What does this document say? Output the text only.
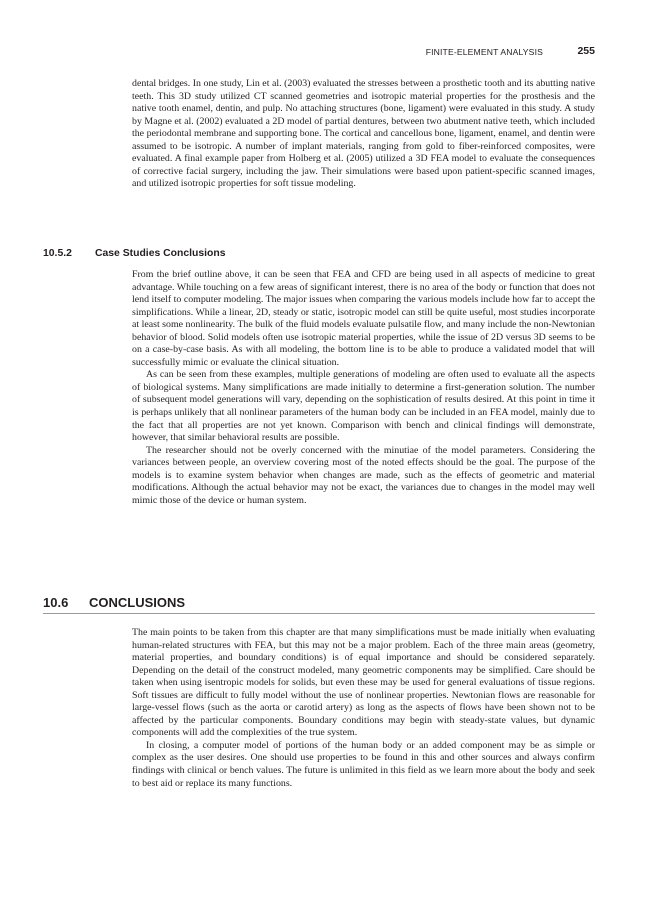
FINITE-ELEMENT ANALYSIS	255

dental bridges. In one study, Lin et al. (2003) evaluated the stresses between a prosthetic tooth and its abutting native teeth. This 3D study utilized CT scanned geometries and isotropic material properties for the prosthesis and the native tooth enamel, dentin, and pulp. No attaching structures (bone, ligament) were evaluated in this study. A study by Magne et al. (2002) evaluated a 2D model of partial dentures, between two abutment native teeth, which included the periodontal membrane and supporting bone. The cortical and cancellous bone, ligament, enamel, and dentin were assumed to be isotropic. A number of implant materials, ranging from gold to fiber-reinforced composites, were evaluated. A final example paper from Holberg et al. (2005) utilized a 3D FEA model to evaluate the consequences of corrective facial surgery, including the jaw. Their simulations were based upon patient-specific scanned images, and utilized isotropic properties for soft tissue modeling.

10.5.2 Case Studies Conclusions

From the brief outline above, it can be seen that FEA and CFD are being used in all aspects of medicine to great advantage. While touching on a few areas of significant interest, there is no area of the body or function that does not lend itself to computer modeling. The major issues when comparing the various models include how far to accept the simplifications. While a linear, 2D, steady or static, isotropic model can still be quite useful, most studies incorporate at least some nonlinearity. The bulk of the fluid models evaluate pulsatile flow, and many include the non-Newtonian behavior of blood. Solid models often use isotropic material properties, while the issue of 2D versus 3D seems to be on a case-by-case basis. As with all modeling, the bottom line is to be able to produce a validated model that will successfully mimic or evaluate the clinical situation.

As can be seen from these examples, multiple generations of modeling are often used to evaluate all the aspects of biological systems. Many simplifications are made initially to determine a first-generation solution. The number of subsequent model generations will vary, depending on the sophistication of results desired. At this point in time it is perhaps unlikely that all nonlinear parameters of the human body can be included in an FEA model, mainly due to the fact that all properties are not yet known. Comparison with bench and clinical findings will demonstrate, however, that similar behavioral results are possible.

The researcher should not be overly concerned with the minutiae of the model parameters. Considering the variances between people, an overview covering most of the noted effects should be the goal. The purpose of the models is to examine system behavior when changes are made, such as the effects of geometric and material modifications. Although the actual behavior may not be exact, the variances due to changes in the model may well mimic those of the device or human system.

10.6 CONCLUSIONS

The main points to be taken from this chapter are that many simplifications must be made initially when evaluating human-related structures with FEA, but this may not be a major problem. Each of the three main areas (geometry, material properties, and boundary conditions) is of equal importance and should be considered separately. Depending on the detail of the construct modeled, many geometric components may be simplified. Care should be taken when using isentropic models for solids, but even these may be used for general evaluations of tissue regions. Soft tissues are difficult to fully model without the use of nonlinear properties. Newtonian flows are reasonable for large-vessel flows (such as the aorta or carotid artery) as long as the aspects of flows have been shown not to be affected by the particular components. Boundary conditions may begin with steady-state values, but dynamic components will add the complexities of the true system.

In closing, a computer model of portions of the human body or an added component may be as simple or complex as the user desires. One should use properties to be found in this and other sources and always confirm findings with clinical or bench values. The future is unlimited in this field as we learn more about the body and seek to best aid or replace its many functions.
